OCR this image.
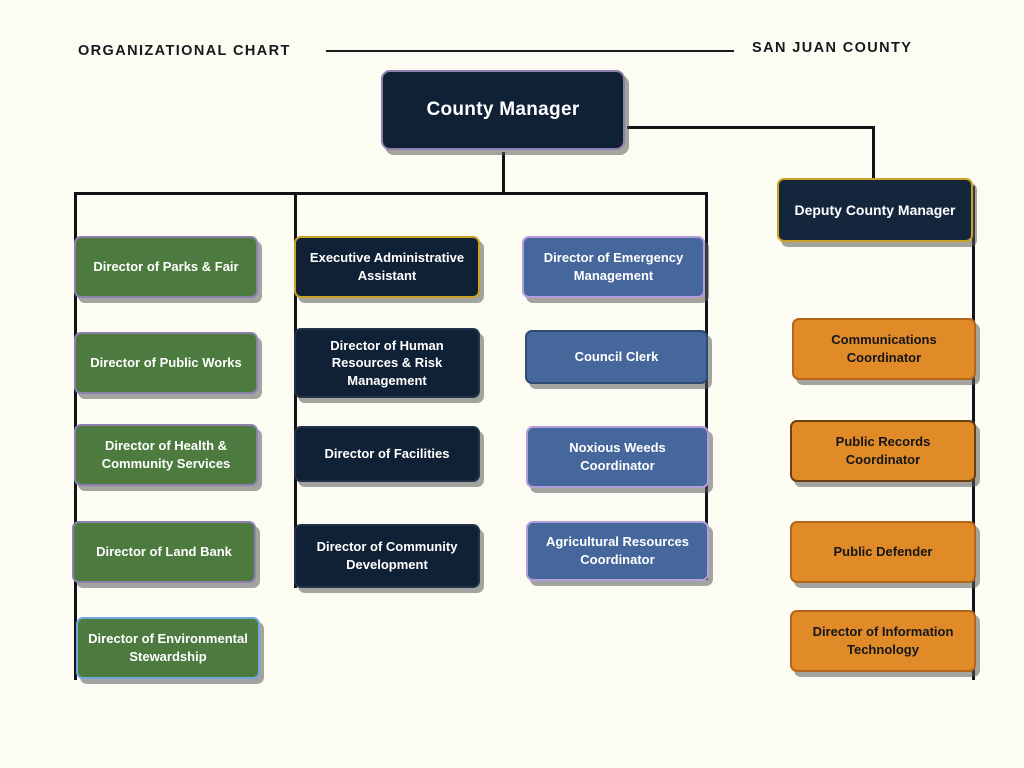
ORGANIZATIONAL CHART	SAN JUAN COUNTY
County Manager
Deputy County Manager
Director of Parks & Fair
Director of Public Works
Director of Health & Community Services
Director of Land Bank
Director of Environmental Stewardship
Executive Administrative Assistant
Director of Human Resources & Risk Management
Director of Facilities
Director of Community Development
Director of Emergency Management
Council Clerk
Noxious Weeds Coordinator
Agricultural Resources Coordinator
Communications Coordinator
Public Records Coordinator
Public Defender
Director of Information Technology
